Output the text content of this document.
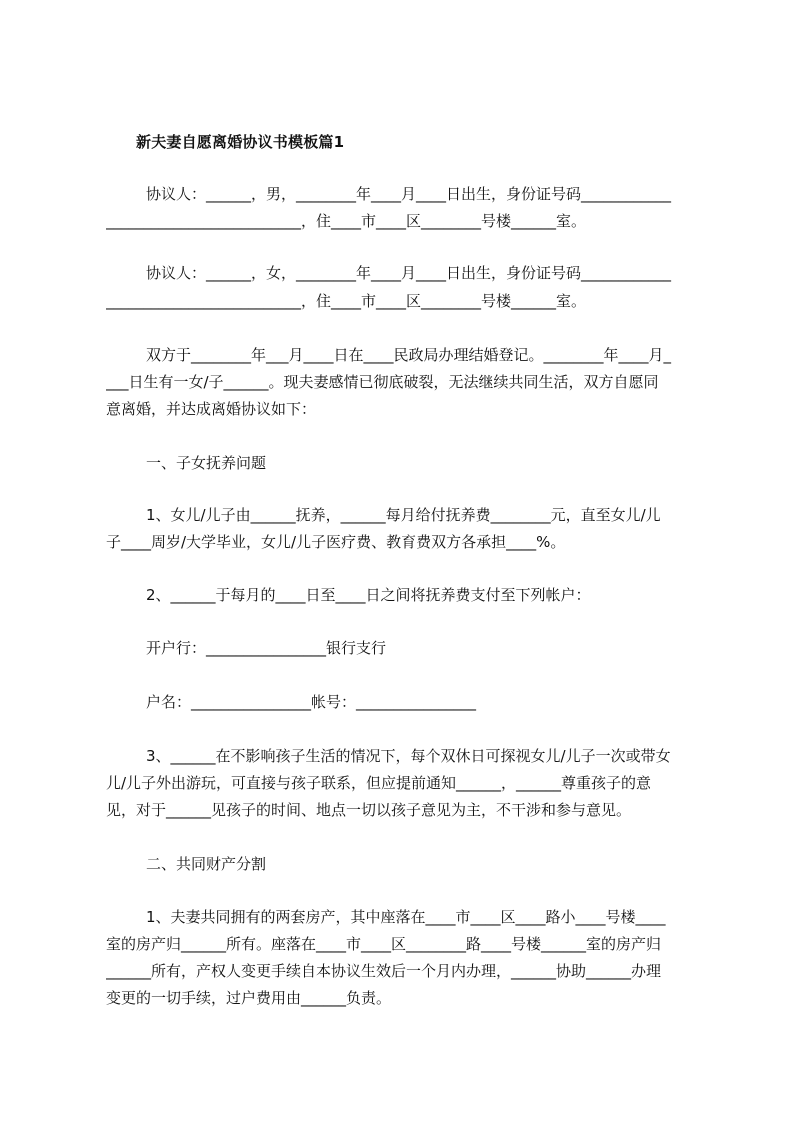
新夫妻自愿离婚协议书模板篇1
协议人：______，男，________年____月____日出生，身份证号码____________
__________________________，住____市____区________号楼______室。
协议人：______，女，________年____月____日出生，身份证号码____________
__________________________，住____市____区________号楼______室。
双方于________年___月____日在____民政局办理结婚登记。________年____月_
___日生有一女/子______。现夫妻感情已彻底破裂，无法继续共同生活，双方自愿同
意离婚，并达成离婚协议如下：
一、子女抚养问题
1、女儿/儿子由______抚养，______每月给付抚养费________元，直至女儿/儿
子____周岁/大学毕业，女儿/儿子医疗费、教育费双方各承担____%。
2、______于每月的____日至____日之间将抚养费支付至下列帐户：
开户行：________________银行支行
户名：________________帐号：________________
3、______在不影响孩子生活的情况下，每个双休日可探视女儿/儿子一次或带女
儿/儿子外出游玩，可直接与孩子联系，但应提前通知______，______尊重孩子的意
见，对于______见孩子的时间、地点一切以孩子意见为主，不干涉和参与意见。
二、共同财产分割
1、夫妻共同拥有的两套房产，其中座落在____市____区____路小____号楼____
室的房产归______所有。座落在____市____区________路____号楼______室的房产归
______所有，产权人变更手续自本协议生效后一个月内办理，______协助______办理
变更的一切手续，过户费用由______负责。
